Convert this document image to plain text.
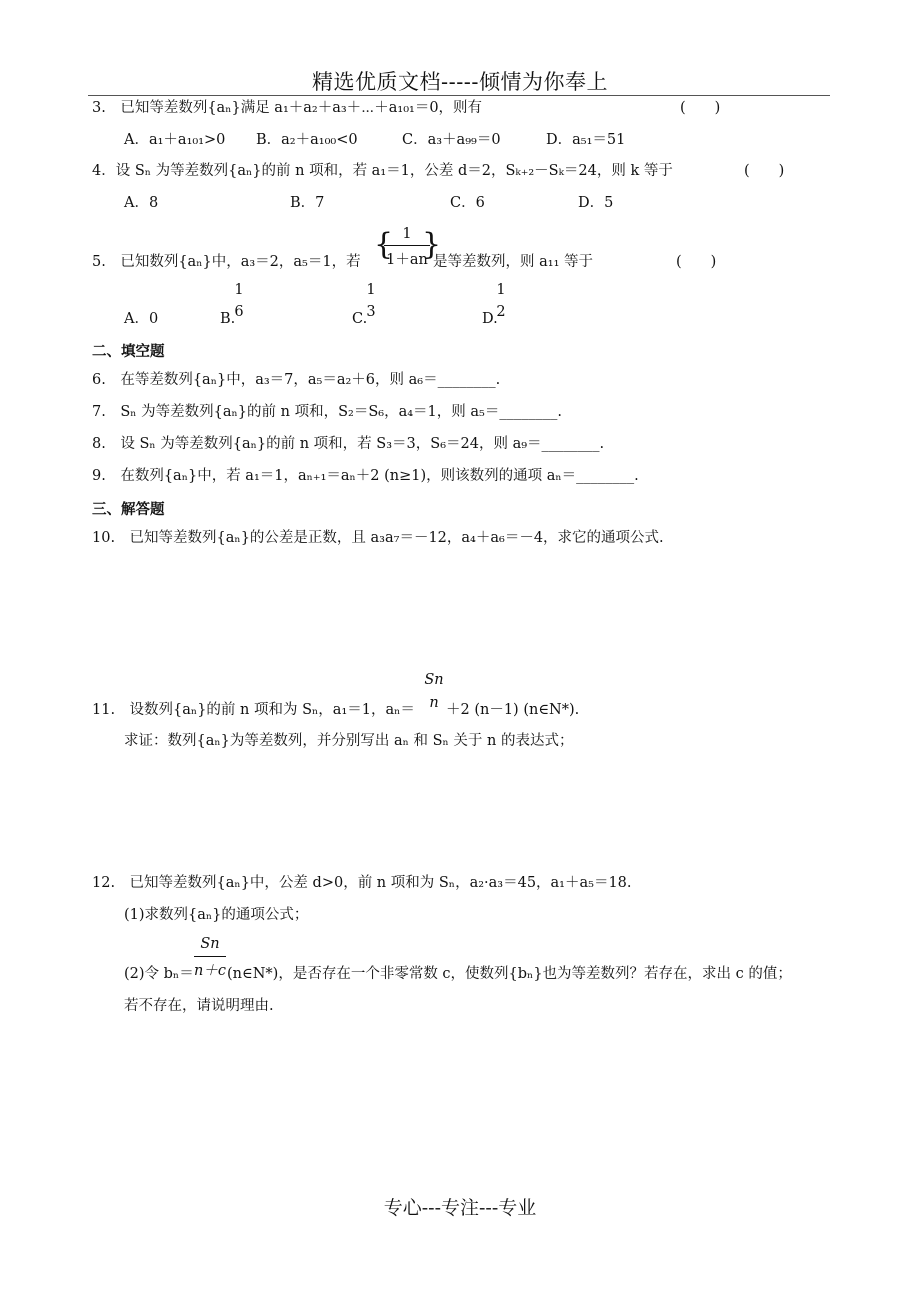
精选优质文档-----倾情为你奉上
3.　已知等差数列{aₙ}满足 a₁＋a₂＋a₃＋⋯＋a₁₀₁＝0，则有	(　　)
A．a₁＋a₁₀₁>0 B．a₂＋a₁₀₀<0	C．a₃＋a₉₉＝0	D．a₅₁＝51
4．设 Sₙ 为等差数列{aₙ}的前 n 项和，若 a₁＝1，公差 d＝2，Sₖ₊₂－Sₖ＝24，则 k 等于	(　　)
A．8	B．7	C．6	D．5
5.　已知数列{aₙ}中，a₃＝2，a₅＝1，若 { 1
1＋an
}
是等差数列，则 a₁₁ 等于	(　　)
A．0	B.
1
6	C.
1
3	D.
1
2
二、填空题
6.　在等差数列{aₙ}中，a₃＝7，a₅＝a₂＋6，则 a₆＝________.
7.　Sₙ 为等差数列{aₙ}的前 n 项和，S₂＝S₆，a₄＝1，则 a₅＝________.
8.　设 Sₙ 为等差数列{aₙ}的前 n 项和，若 S₃＝3，S₆＝24，则 a₉＝________.
9.　在数列{aₙ}中，若 a₁＝1，aₙ₊₁＝aₙ＋2 (n≥1)，则该数列的通项 aₙ＝________.
三、解答题
10.　已知等差数列{aₙ}的公差是正数，且 a₃a₇＝－12，a₄＋a₆＝－4，求它的通项公式.
11.　设数列{aₙ}的前 n 项和为 Sₙ，a₁＝1，aₙ＝
Sn
n ＋2 (n－1) (n∈N*).
求证：数列{aₙ}为等差数列，并分别写出 aₙ 和 Sₙ 关于 n 的表达式；
12.　已知等差数列{aₙ}中，公差 d>0，前 n 项和为 Sₙ，a₂·a₃＝45，a₁＋a₅＝18.
(1)求数列{aₙ}的通项公式；
(2)令 bₙ＝
Sn
n＋c (n∈N*)，是否存在一个非零常数 c，使数列{bₙ}也为等差数列？若存在，求出 c 的值；
若不存在，请说明理由.
专心---专注---专业
